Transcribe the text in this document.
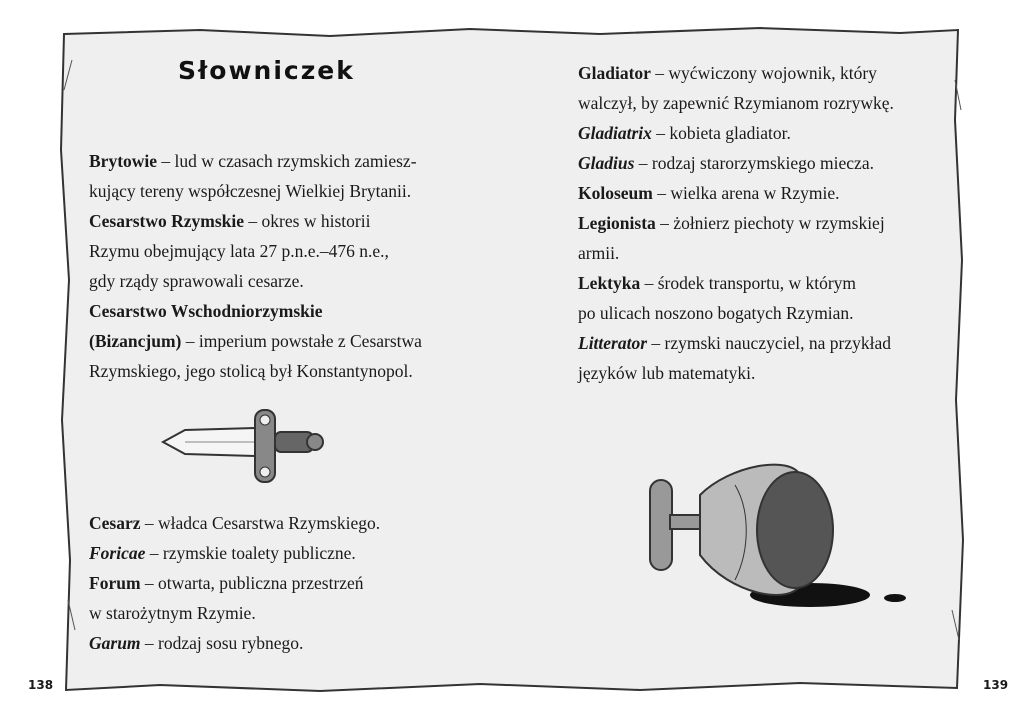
Słowniczek
Brytowie – lud w czasach rzymskich zamiesz-
kujący tereny współczesnej Wielkiej Brytanii.
Cesarstwo Rzymskie – okres w historii
Rzymu obejmujący lata 27 p.n.e.–476 n.e.,
gdy rządy sprawowali cesarze.
Cesarstwo Wschodniorzymskie
(Bizancjum) – imperium powstałe z Cesarstwa
Rzymskiego, jego stolicą był Konstantynopol.
Cesarz – władca Cesarstwa Rzymskiego.
Foricae – rzymskie toalety publiczne.
Forum – otwarta, publiczna przestrzeń
w starożytnym Rzymie.
Garum – rodzaj sosu rybnego.
Gladiator – wyćwiczony wojownik, który
walczył, by zapewnić Rzymianom rozrywkę.
Gladiatrix – kobieta gladiator.
Gladius – rodzaj starorzymskiego miecza.
Koloseum – wielka arena w Rzymie.
Legionista – żołnierz piechoty w rzymskiej
armii.
Lektyka – środek transportu, w którym
po ulicach noszono bogatych Rzymian.
Litterator – rzymski nauczyciel, na przykład
języków lub matematyki.
138	139
